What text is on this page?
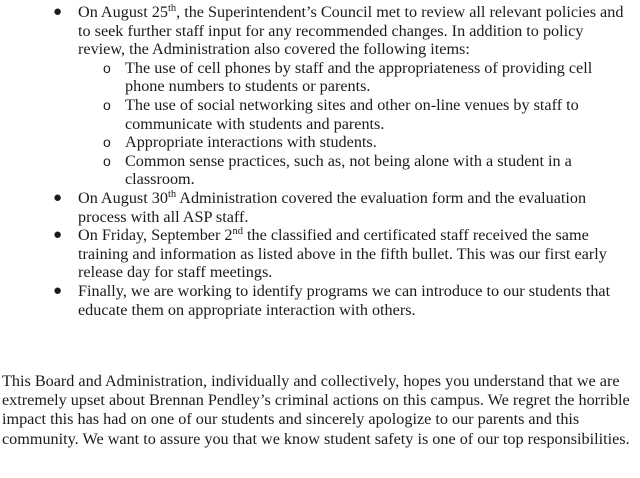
● On August 25th, the Superintendent’s Council met to review all relevant policies and to seek further staff input for any recommended changes. In addition to policy review, the Administration also covered the following items:
o The use of cell phones by staff and the appropriateness of providing cell phone numbers to students or parents.
o The use of social networking sites and other on-line venues by staff to communicate with students and parents.
o Appropriate interactions with students.
o Common sense practices, such as, not being alone with a student in a classroom.
● On August 30th Administration covered the evaluation form and the evaluation process with all ASP staff.
● On Friday, September 2nd the classified and certificated staff received the same training and information as listed above in the fifth bullet. This was our first early release day for staff meetings.
● Finally, we are working to identify programs we can introduce to our students that educate them on appropriate interaction with others.

This Board and Administration, individually and collectively, hopes you understand that we are extremely upset about Brennan Pendley’s criminal actions on this campus. We regret the horrible impact this has had on one of our students and sincerely apologize to our parents and this community. We want to assure you that we know student safety is one of our top responsibilities.
